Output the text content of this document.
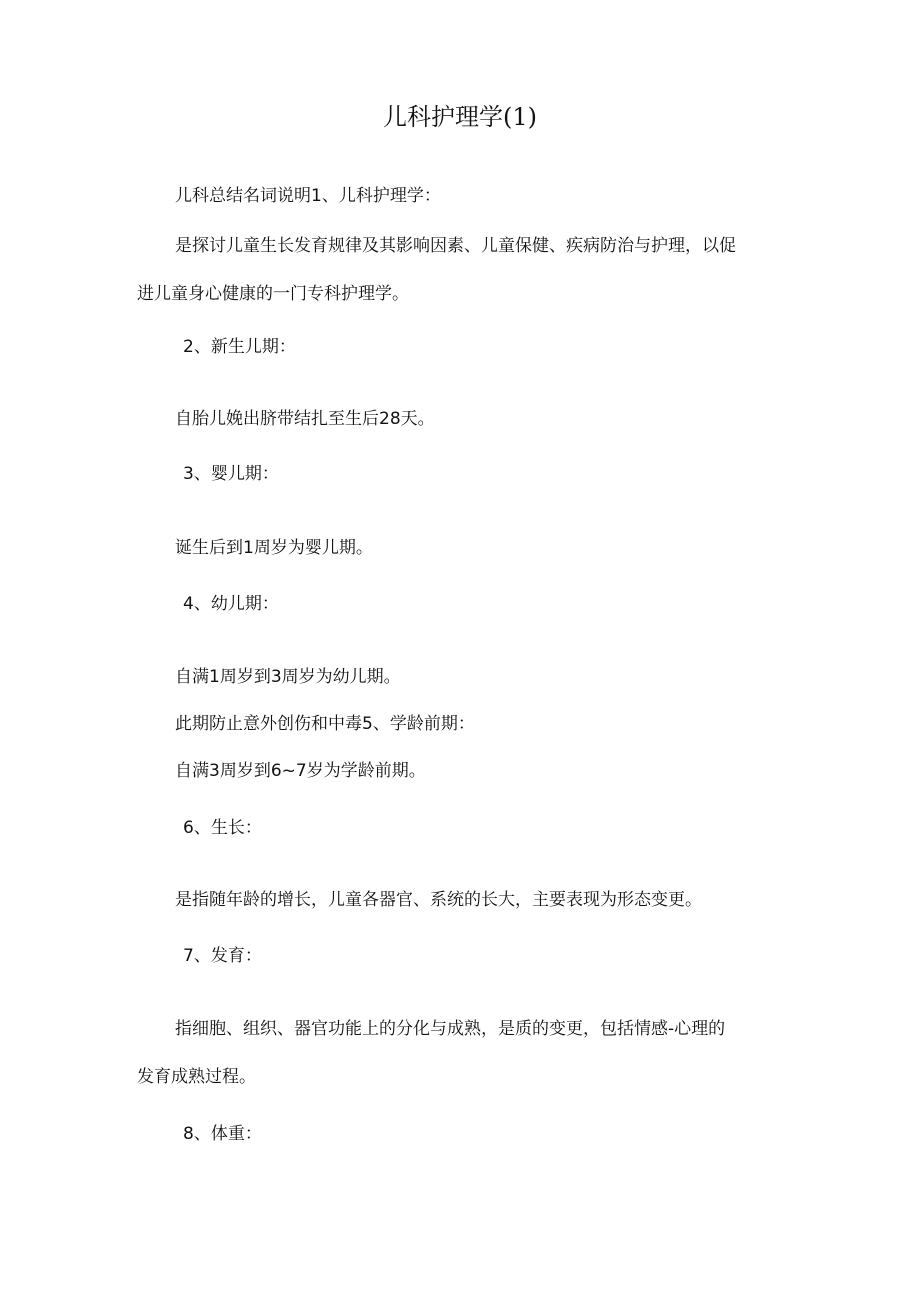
儿科护理学(1)

儿科总结名词说明1、儿科护理学：

是探讨儿童生长发育规律及其影响因素、儿童保健、疾病防治与护理，以促

进儿童身心健康的一门专科护理学。

2、新生儿期：

自胎儿娩出脐带结扎至生后28天。

3、婴儿期：

诞生后到1周岁为婴儿期。

4、幼儿期：

自满1周岁到3周岁为幼儿期。

此期防止意外创伤和中毒5、学龄前期：

自满3周岁到6~7岁为学龄前期。

6、生长：

是指随年龄的增长，儿童各器官、系统的长大，主要表现为形态变更。

7、发育：

指细胞、组织、器官功能上的分化与成熟，是质的变更，包括情感-心理的

发育成熟过程。

8、体重：
